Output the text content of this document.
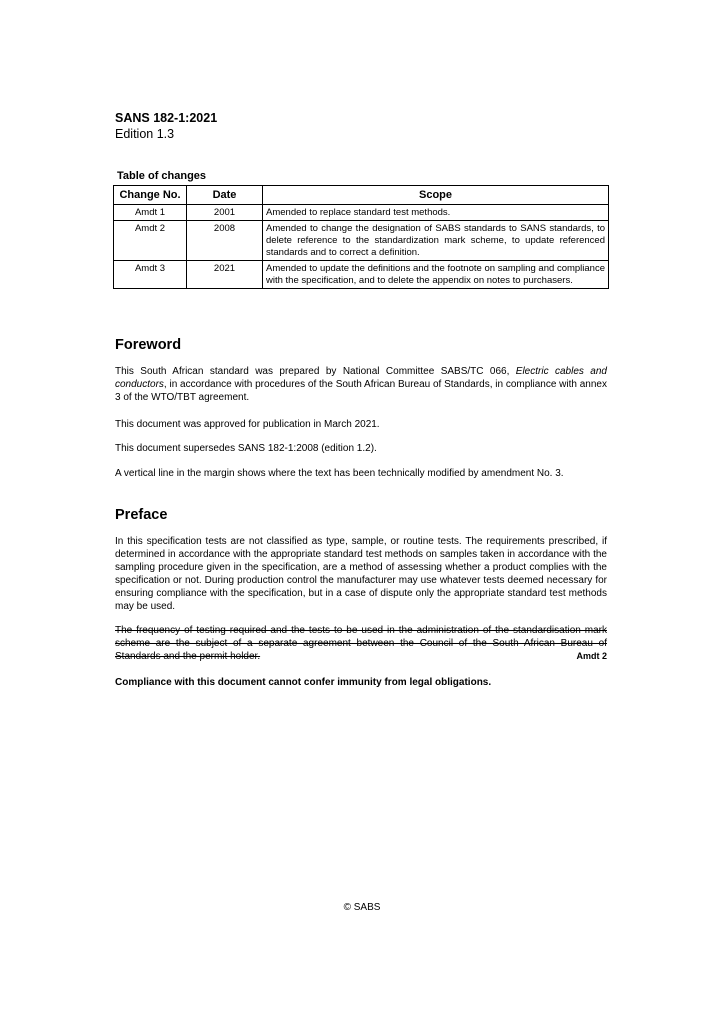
SANS 182-1:2021
Edition 1.3
Table of changes
Change No.	Date	Scope
Amdt 1	2001	Amended to replace standard test methods.
Amdt 2	2008	Amended to change the designation of SABS standards to SANS standards, to delete reference to the standardization mark scheme, to update referenced standards and to correct a definition.
Amdt 3	2021	Amended to update the definitions and the footnote on sampling and compliance with the specification, and to delete the appendix on notes to purchasers.
Foreword

This South African standard was prepared by National Committee SABS/TC 066, Electric cables and conductors, in accordance with procedures of the South African Bureau of Standards, in compliance with annex 3 of the WTO/TBT agreement.

This document was approved for publication in March 2021.

This document supersedes SANS 182-1:2008 (edition 1.2).

A vertical line in the margin shows where the text has been technically modified by amendment No. 3.

Preface

In this specification tests are not classified as type, sample, or routine tests. The requirements prescribed, if determined in accordance with the appropriate standard test methods on samples taken in accordance with the sampling procedure given in the specification, are a method of assessing whether a product complies with the specification or not. During production control the manufacturer may use whatever tests deemed necessary for ensuring compliance with the specification, but in a case of dispute only the appropriate standard test methods may be used.

The frequency of testing required and the tests to be used in the administration of the standardisation mark scheme are the subject of a separate agreement between the Council of the South African Bureau of Standards and the permit holder.	Amdt 2

Compliance with this document cannot confer immunity from legal obligations.

© SABS
